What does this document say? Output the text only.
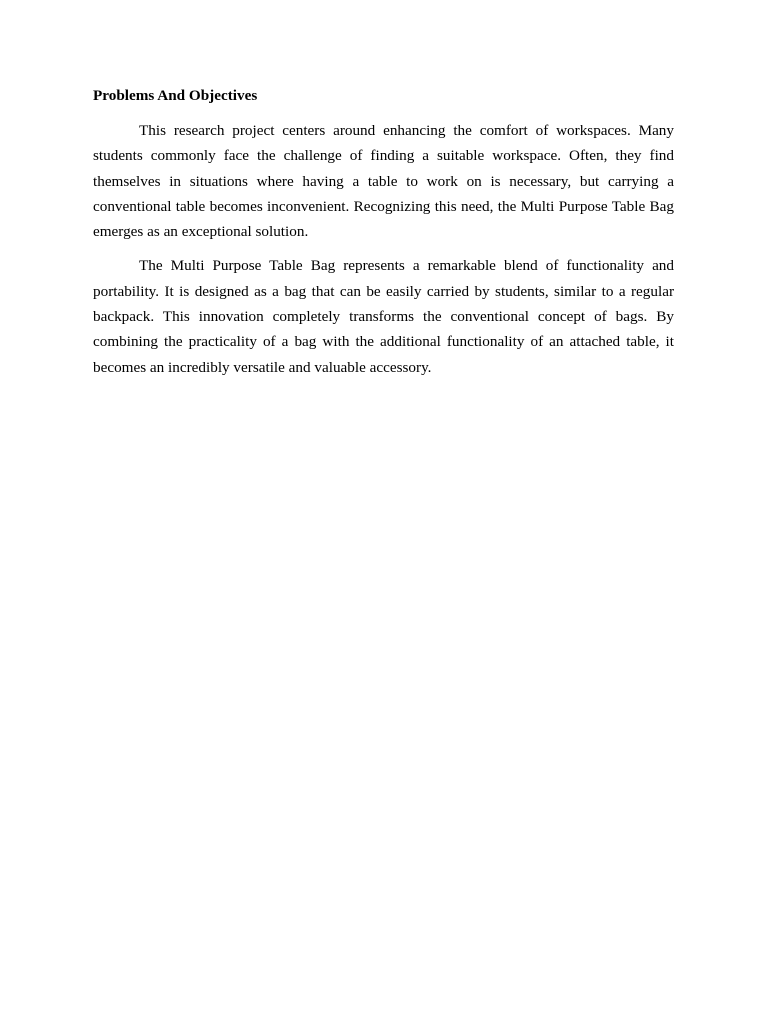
Problems And Objectives

This research project centers around enhancing the comfort of workspaces. Many students commonly face the challenge of finding a suitable workspace. Often, they find themselves in situations where having a table to work on is necessary, but carrying a conventional table becomes inconvenient. Recognizing this need, the Multi Purpose Table Bag emerges as an exceptional solution.

The Multi Purpose Table Bag represents a remarkable blend of functionality and portability. It is designed as a bag that can be easily carried by students, similar to a regular backpack. This innovation completely transforms the conventional concept of bags. By combining the practicality of a bag with the additional functionality of an attached table, it becomes an incredibly versatile and valuable accessory.
